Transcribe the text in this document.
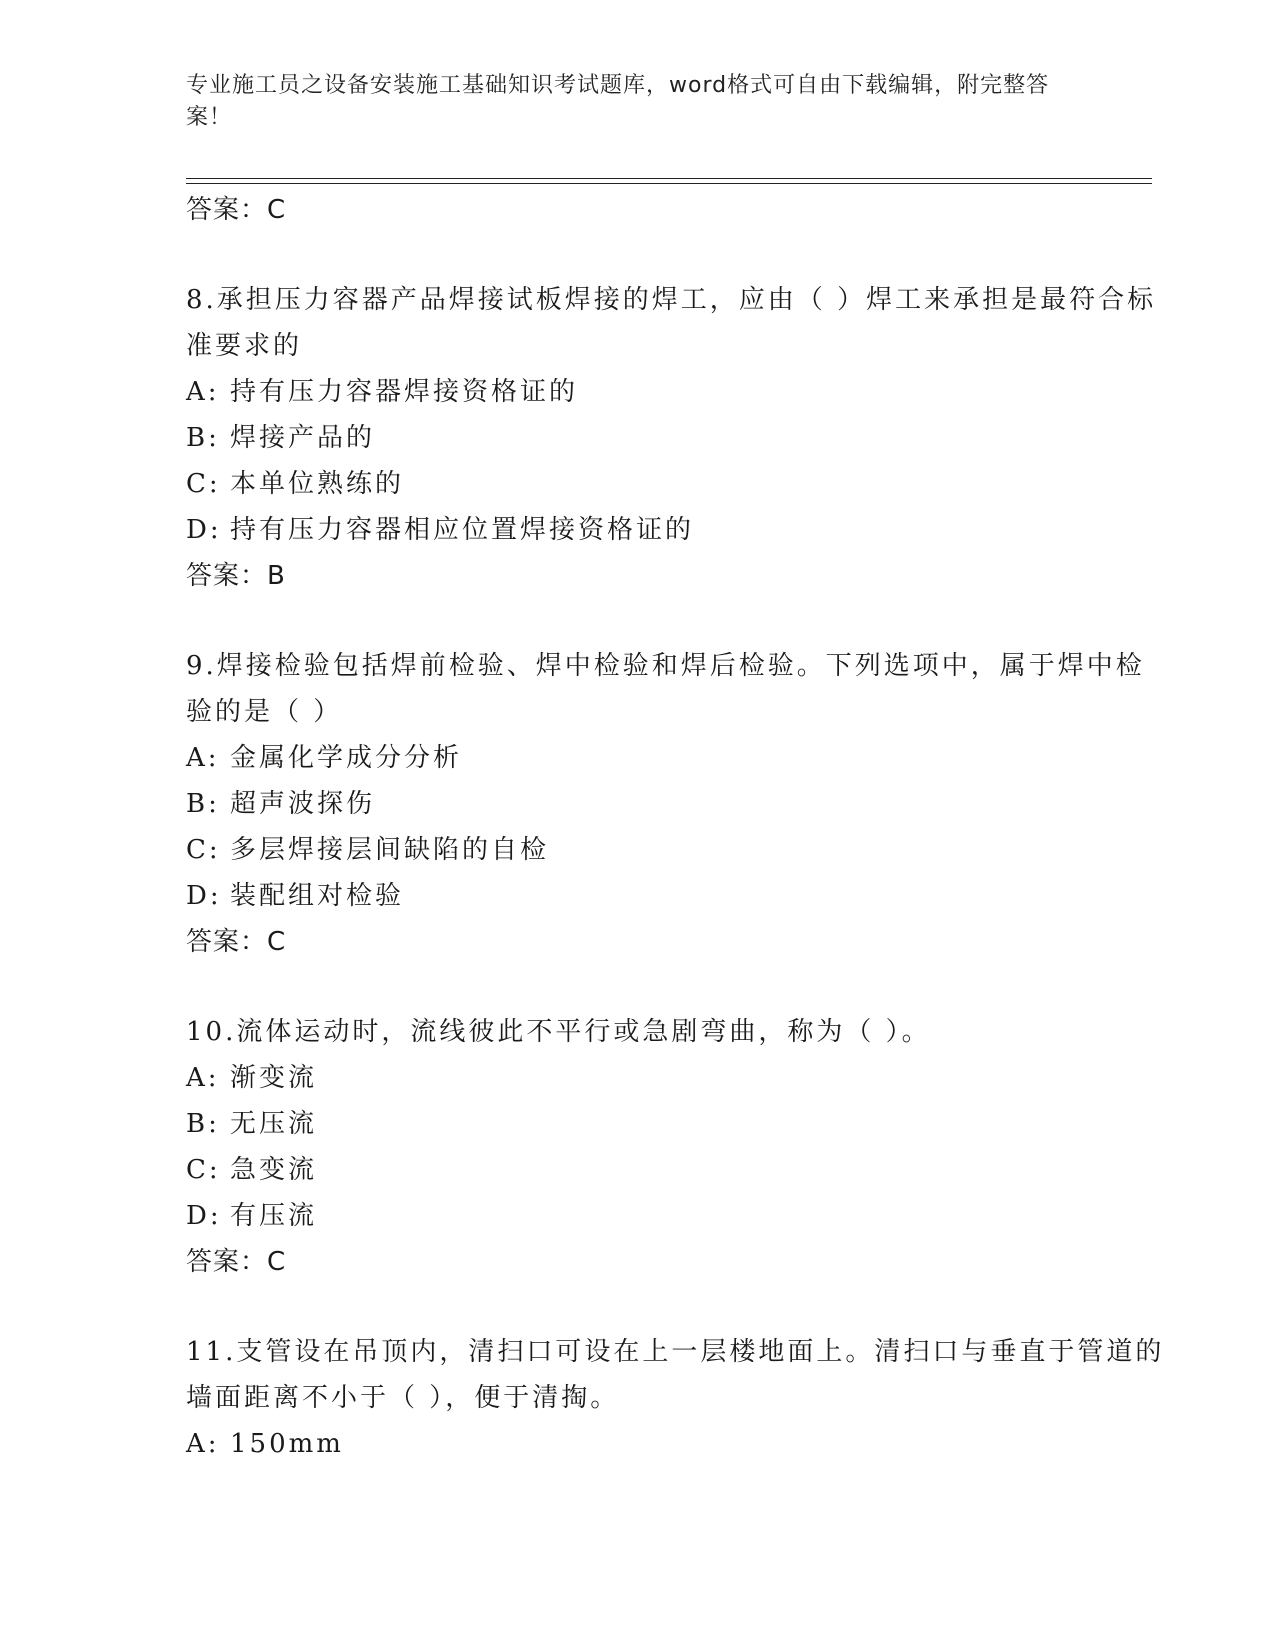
专业施工员之设备安装施工基础知识考试题库，word格式可自由下载编辑，附完整答案！

答案：C

8.承担压力容器产品焊接试板焊接的焊工，应由（ ）焊工来承担是最符合标准要求的

A: 持有压力容器焊接资格证的

B: 焊接产品的

C: 本单位熟练的

D: 持有压力容器相应位置焊接资格证的

答案：B

9.焊接检验包括焊前检验、焊中检验和焊后检验。下列选项中，属于焊中检验的是（ ）

A: 金属化学成分分析

B: 超声波探伤

C: 多层焊接层间缺陷的自检

D: 装配组对检验

答案：C

10.流体运动时，流线彼此不平行或急剧弯曲，称为（ ）。

A: 渐变流

B: 无压流

C: 急变流

D: 有压流

答案：C

11.支管设在吊顶内，清扫口可设在上一层楼地面上。清扫口与垂直于管道的墙面距离不小于（ ），便于清掏。

A: 150mm
